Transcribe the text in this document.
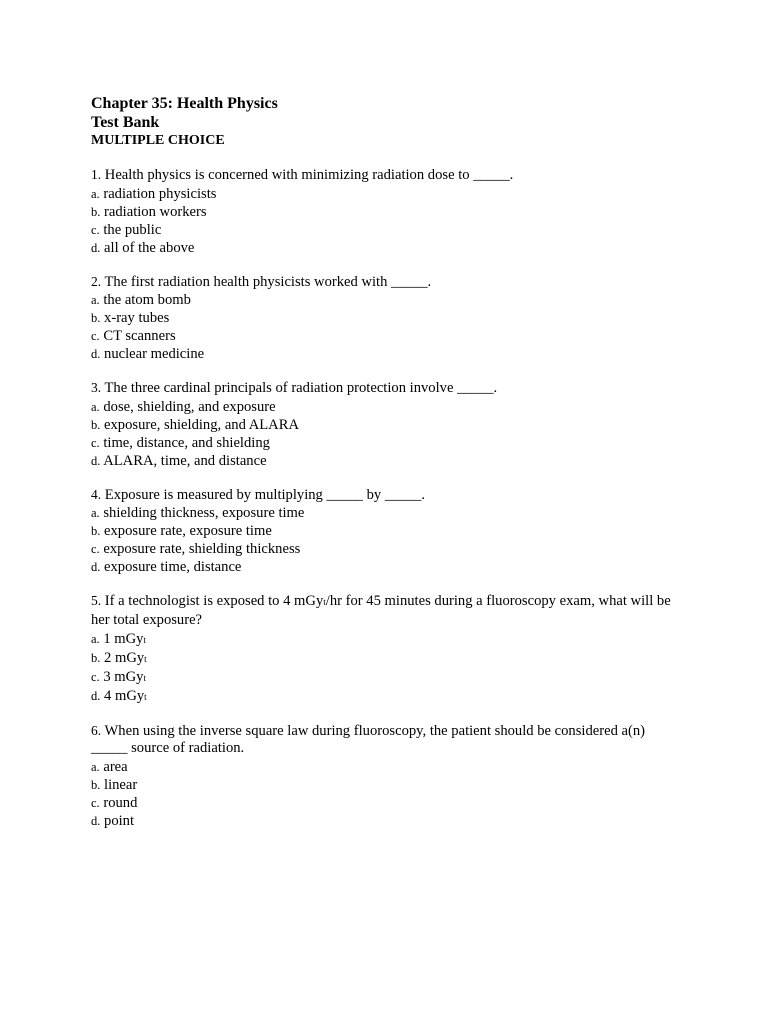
Chapter 35: Health Physics
Test Bank
MULTIPLE CHOICE
1. Health physics is concerned with minimizing radiation dose to _____.
a. radiation physicists
b. radiation workers
c. the public
d. all of the above
2. The first radiation health physicists worked with _____.
a. the atom bomb
b. x-ray tubes
c. CT scanners
d. nuclear medicine
3. The three cardinal principals of radiation protection involve _____.
a. dose, shielding, and exposure
b. exposure, shielding, and ALARA
c. time, distance, and shielding
d. ALARA, time, and distance
4. Exposure is measured by multiplying _____ by _____.
a. shielding thickness, exposure time
b. exposure rate, exposure time
c. exposure rate, shielding thickness
d. exposure time, distance
5. If a technologist is exposed to 4 mGyt/hr for 45 minutes during a fluoroscopy exam, what will be her total exposure?
a. 1 mGyt
b. 2 mGyt
c. 3 mGyt
d. 4 mGyt
6. When using the inverse square law during fluoroscopy, the patient should be considered a(n) _____ source of radiation.
a. area
b. linear
c. round
d. point
